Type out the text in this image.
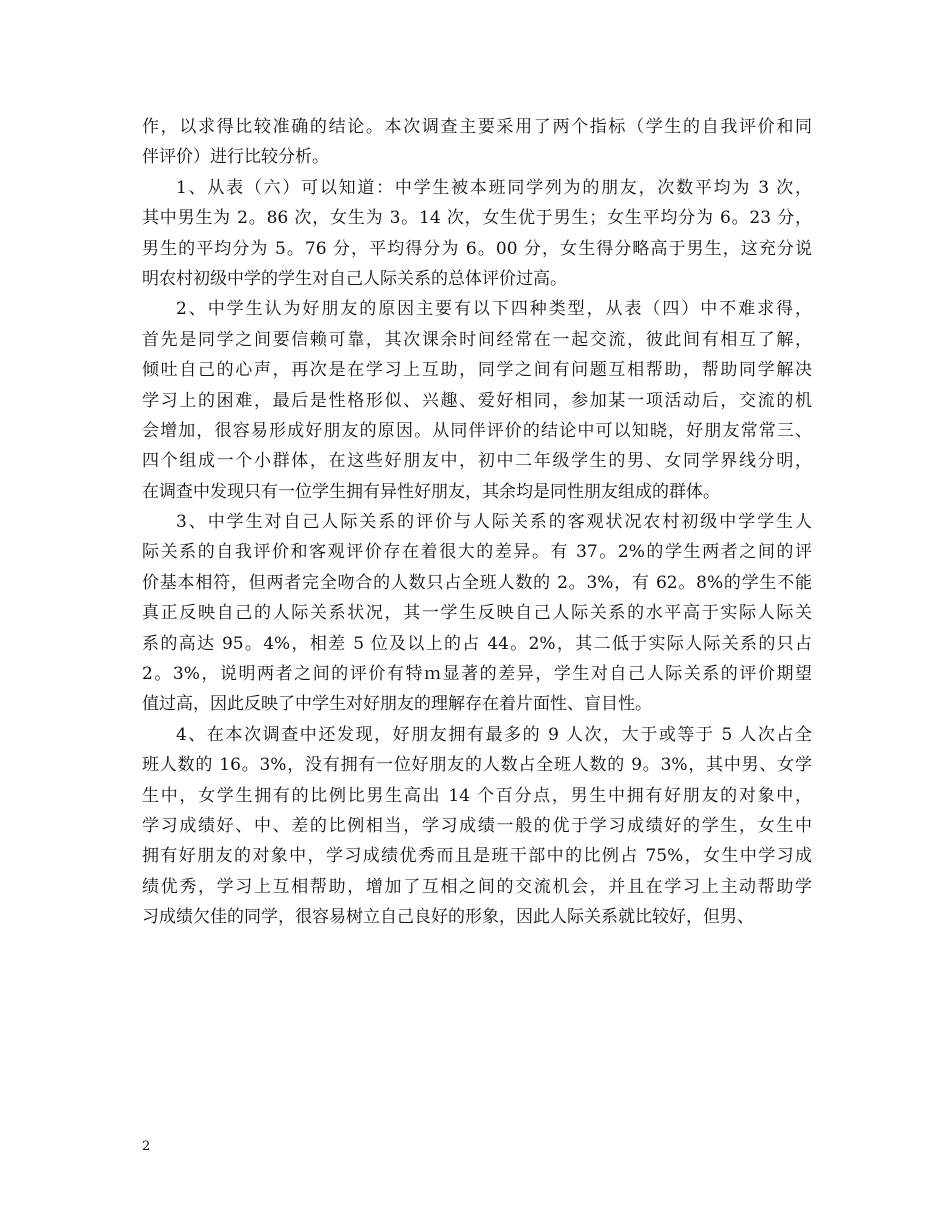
作，以求得比较准确的结论。本次调查主要采用了两个指标（学生的自我评价和同
伴评价）进行比较分析。
1、从表（六）可以知道：中学生被本班同学列为的朋友，次数平均为 3 次，
其中男生为 2。86 次，女生为 3。14 次，女生优于男生；女生平均分为 6。23 分，
男生的平均分为 5。76 分，平均得分为 6。00 分，女生得分略高于男生，这充分说
明农村初级中学的学生对自己人际关系的总体评价过高。
2、中学生认为好朋友的原因主要有以下四种类型，从表（四）中不难求得，
首先是同学之间要信赖可靠，其次课余时间经常在一起交流，彼此间有相互了解，
倾吐自己的心声，再次是在学习上互助，同学之间有问题互相帮助，帮助同学解决
学习上的困难，最后是性格形似、兴趣、爱好相同，参加某一项活动后，交流的机
会增加，很容易形成好朋友的原因。从同伴评价的结论中可以知晓，好朋友常常三、
四个组成一个小群体，在这些好朋友中，初中二年级学生的男、女同学界线分明，
在调查中发现只有一位学生拥有异性好朋友，其余均是同性朋友组成的群体。
3、中学生对自己人际关系的评价与人际关系的客观状况农村初级中学学生人
际关系的自我评价和客观评价存在着很大的差异。有 37。2%的学生两者之间的评
价基本相符，但两者完全吻合的人数只占全班人数的 2。3%，有 62。8%的学生不能
真正反映自己的人际关系状况，其一学生反映自己人际关系的水平高于实际人际关
系的高达 95。4%，相差 5 位及以上的占 44。2%，其二低于实际人际关系的只占
2。3%，说明两者之间的评价有特ｍ显著的差异，学生对自己人际关系的评价期望
值过高，因此反映了中学生对好朋友的理解存在着片面性、盲目性。
4、在本次调查中还发现，好朋友拥有最多的 9 人次，大于或等于 5 人次占全
班人数的 16。3%，没有拥有一位好朋友的人数占全班人数的 9。3%，其中男、女学
生中，女学生拥有的比例比男生高出 14 个百分点，男生中拥有好朋友的对象中，
学习成绩好、中、差的比例相当，学习成绩一般的优于学习成绩好的学生，女生中
拥有好朋友的对象中，学习成绩优秀而且是班干部中的比例占 75%，女生中学习成
绩优秀，学习上互相帮助，增加了互相之间的交流机会，并且在学习上主动帮助学
习成绩欠佳的同学，很容易树立自己良好的形象，因此人际关系就比较好，但男、
2
